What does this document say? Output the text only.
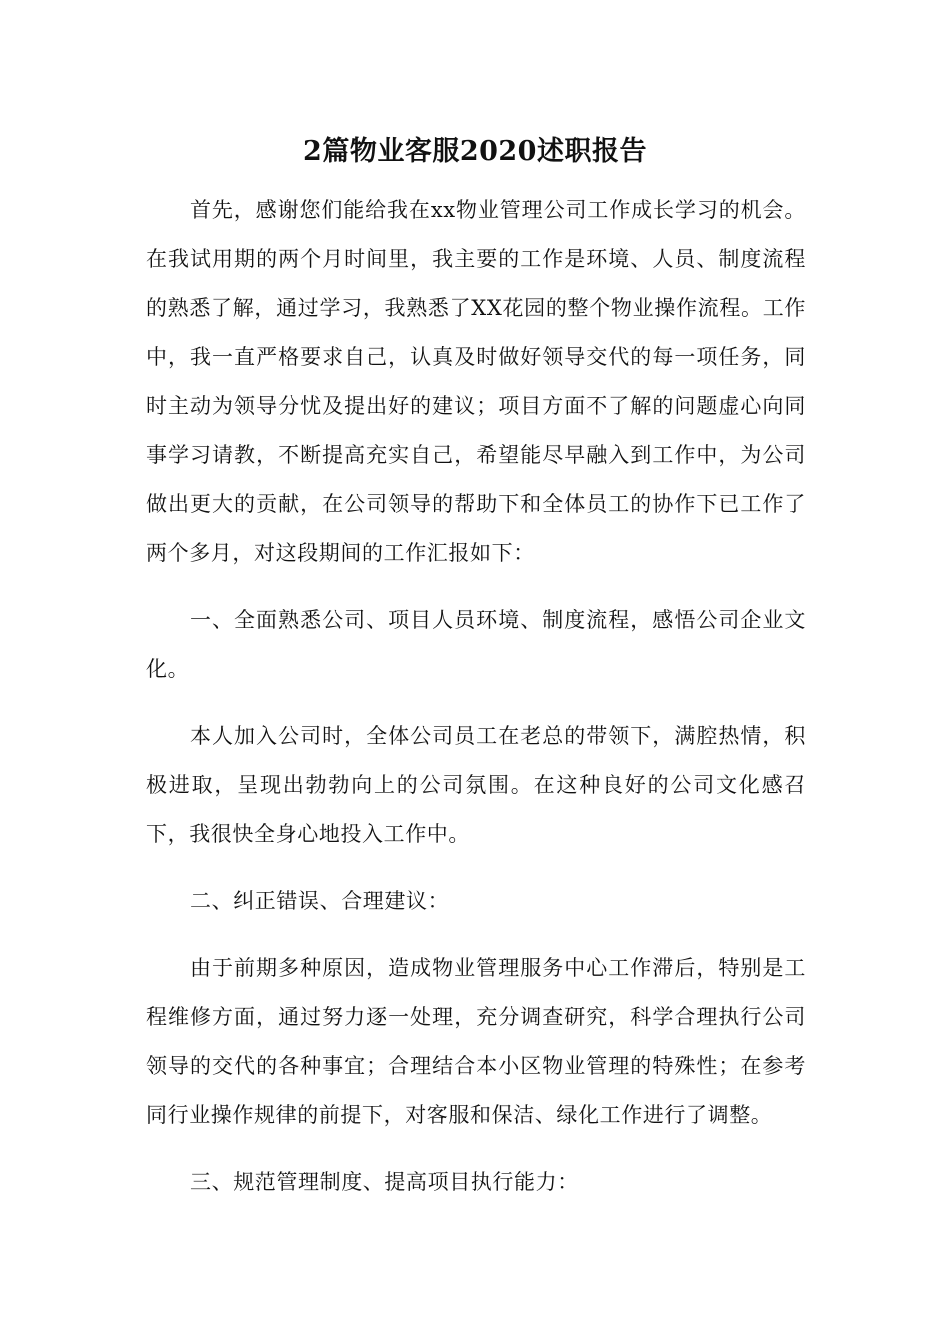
2篇物业客服2020述职报告

首先，感谢您们能给我在xx物业管理公司工作成长学习的机会。在我试用期的两个月时间里，我主要的工作是环境、人员、制度流程的熟悉了解，通过学习，我熟悉了XX花园的整个物业操作流程。工作中，我一直严格要求自己，认真及时做好领导交代的每一项任务，同时主动为领导分忧及提出好的建议；项目方面不了解的问题虚心向同事学习请教，不断提高充实自己，希望能尽早融入到工作中，为公司做出更大的贡献，在公司领导的帮助下和全体员工的协作下已工作了两个多月，对这段期间的工作汇报如下：

一、全面熟悉公司、项目人员环境、制度流程，感悟公司企业文化。

本人加入公司时，全体公司员工在老总的带领下，满腔热情，积极进取，呈现出勃勃向上的公司氛围。在这种良好的公司文化感召下，我很快全身心地投入工作中。

二、纠正错误、合理建议：

由于前期多种原因，造成物业管理服务中心工作滞后，特别是工程维修方面，通过努力逐一处理，充分调查研究，科学合理执行公司领导的交代的各种事宜；合理结合本小区物业管理的特殊性；在参考同行业操作规律的前提下，对客服和保洁、绿化工作进行了调整。

三、规范管理制度、提高项目执行能力：
